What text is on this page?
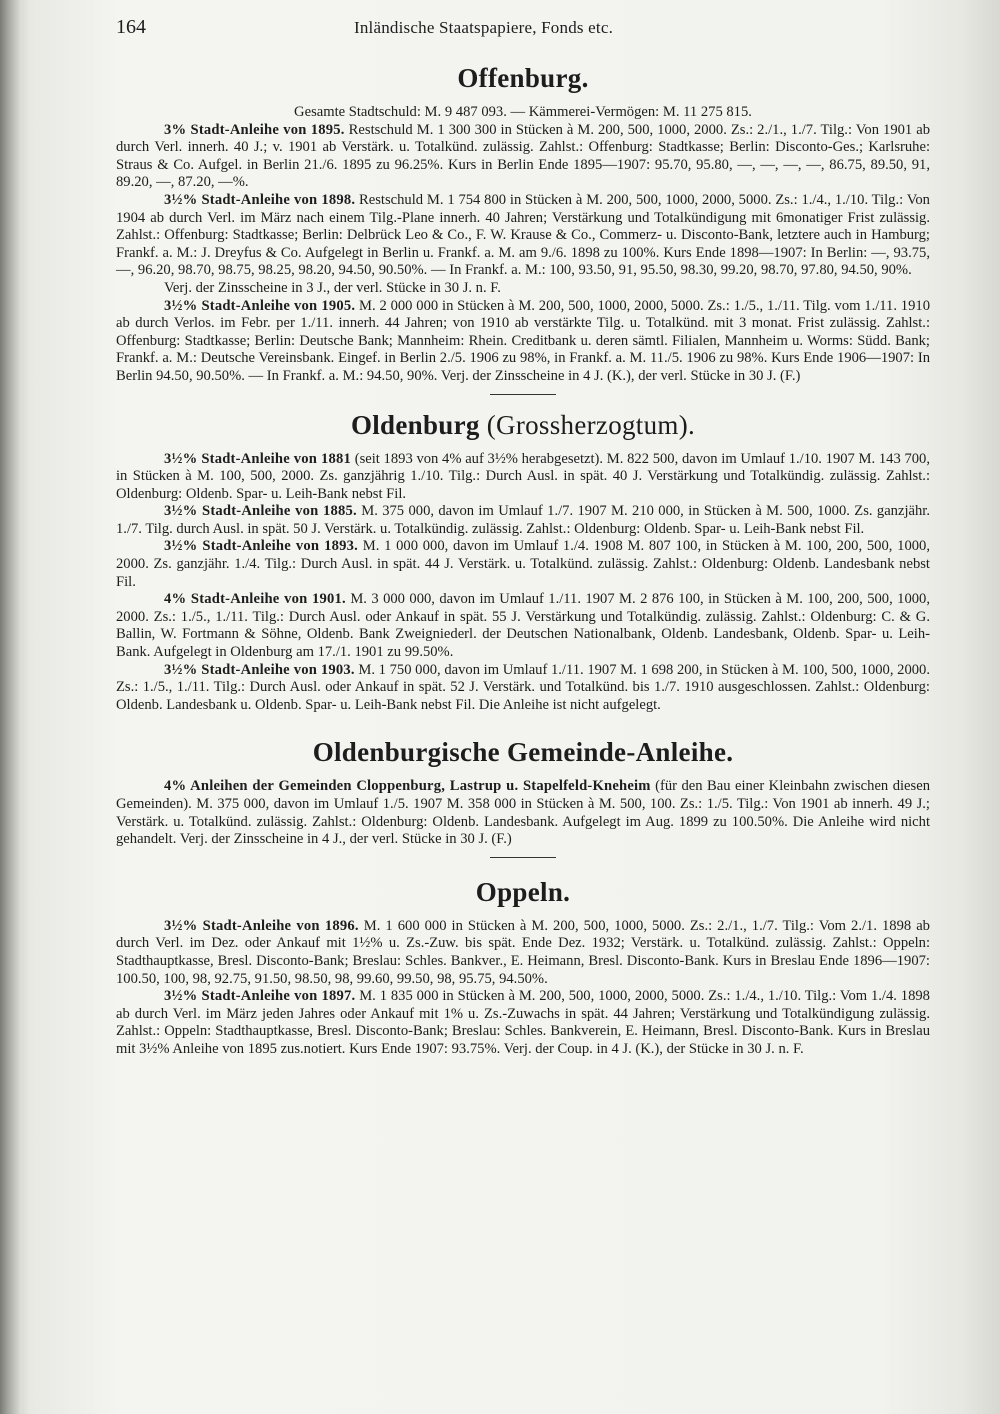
164	Inländische Staatspapiere, Fonds etc.
Offenburg.

Gesamte Stadtschuld: M. 9 487 093. — Kämmerei-Vermögen: M. 11 275 815.

3% Stadt-Anleihe von 1895. Restschuld M. 1 300 300 in Stücken à M. 200, 500, 1000, 2000. Zs.: 2./1., 1./7. Tilg.: Von 1901 ab durch Verl. innerh. 40 J.; v. 1901 ab Verstärk. u. Totalkünd. zulässig. Zahlst.: Offenburg: Stadtkasse; Berlin: Disconto-Ges.; Karlsruhe: Straus & Co. Aufgel. in Berlin 21./6. 1895 zu 96.25%. Kurs in Berlin Ende 1895—1907: 95.70, 95.80, —, —, —, —, 86.75, 89.50, 91, 89.20, —, 87.20, —%.

3½% Stadt-Anleihe von 1898. Restschuld M. 1 754 800 in Stücken à M. 200, 500, 1000, 2000, 5000. Zs.: 1./4., 1./10. Tilg.: Von 1904 ab durch Verl. im März nach einem Tilg.-Plane innerh. 40 Jahren; Verstärkung und Totalkündigung mit 6monatiger Frist zulässig. Zahlst.: Offenburg: Stadtkasse; Berlin: Delbrück Leo & Co., F. W. Krause & Co., Commerz- u. Disconto-Bank, letztere auch in Hamburg; Frankf. a. M.: J. Dreyfus & Co. Aufgelegt in Berlin u. Frankf. a. M. am 9./6. 1898 zu 100%. Kurs Ende 1898—1907: In Berlin: —, 93.75, —, 96.20, 98.70, 98.75, 98.25, 98.20, 94.50, 90.50%. — In Frankf. a. M.: 100, 93.50, 91, 95.50, 98.30, 99.20, 98.70, 97.80, 94.50, 90%.

Verj. der Zinsscheine in 3 J., der verl. Stücke in 30 J. n. F.

3½% Stadt-Anleihe von 1905. M. 2 000 000 in Stücken à M. 200, 500, 1000, 2000, 5000. Zs.: 1./5., 1./11. Tilg. vom 1./11. 1910 ab durch Verlos. im Febr. per 1./11. innerh. 44 Jahren; von 1910 ab verstärkte Tilg. u. Totalkünd. mit 3 monat. Frist zulässig. Zahlst.: Offenburg: Stadtkasse; Berlin: Deutsche Bank; Mannheim: Rhein. Creditbank u. deren sämtl. Filialen, Mannheim u. Worms: Südd. Bank; Frankf. a. M.: Deutsche Vereinsbank. Eingef. in Berlin 2./5. 1906 zu 98%, in Frankf. a. M. 11./5. 1906 zu 98%. Kurs Ende 1906—1907: In Berlin 94.50, 90.50%. — In Frankf. a. M.: 94.50, 90%. Verj. der Zinsscheine in 4 J. (K.), der verl. Stücke in 30 J. (F.)

Oldenburg (Grossherzogtum).

3½% Stadt-Anleihe von 1881 (seit 1893 von 4% auf 3½% herabgesetzt). M. 822 500, davon im Umlauf 1./10. 1907 M. 143 700, in Stücken à M. 100, 500, 2000. Zs. ganzjährig 1./10. Tilg.: Durch Ausl. in spät. 40 J. Verstärkung und Totalkündig. zulässig. Zahlst.: Oldenburg: Oldenb. Spar- u. Leih-Bank nebst Fil.

3½% Stadt-Anleihe von 1885. M. 375 000, davon im Umlauf 1./7. 1907 M. 210 000, in Stücken à M. 500, 1000. Zs. ganzjähr. 1./7. Tilg. durch Ausl. in spät. 50 J. Verstärk. u. Totalkündig. zulässig. Zahlst.: Oldenburg: Oldenb. Spar- u. Leih-Bank nebst Fil.

3½% Stadt-Anleihe von 1893. M. 1 000 000, davon im Umlauf 1./4. 1908 M. 807 100, in Stücken à M. 100, 200, 500, 1000, 2000. Zs. ganzjähr. 1./4. Tilg.: Durch Ausl. in spät. 44 J. Verstärk. u. Totalkünd. zulässig. Zahlst.: Oldenburg: Oldenb. Landesbank nebst Fil.

4% Stadt-Anleihe von 1901. M. 3 000 000, davon im Umlauf 1./11. 1907 M. 2 876 100, in Stücken à M. 100, 200, 500, 1000, 2000. Zs.: 1./5., 1./11. Tilg.: Durch Ausl. oder Ankauf in spät. 55 J. Verstärkung und Totalkündig. zulässig. Zahlst.: Oldenburg: C. & G. Ballin, W. Fortmann & Söhne, Oldenb. Bank Zweigniederl. der Deutschen Nationalbank, Oldenb. Landesbank, Oldenb. Spar- u. Leih-Bank. Aufgelegt in Oldenburg am 17./1. 1901 zu 99.50%.

3½% Stadt-Anleihe von 1903. M. 1 750 000, davon im Umlauf 1./11. 1907 M. 1 698 200, in Stücken à M. 100, 500, 1000, 2000. Zs.: 1./5., 1./11. Tilg.: Durch Ausl. oder Ankauf in spät. 52 J. Verstärk. und Totalkünd. bis 1./7. 1910 ausgeschlossen. Zahlst.: Oldenburg: Oldenb. Landesbank u. Oldenb. Spar- u. Leih-Bank nebst Fil. Die Anleihe ist nicht aufgelegt.

Oldenburgische Gemeinde-Anleihe.

4% Anleihen der Gemeinden Cloppenburg, Lastrup u. Stapelfeld-Kneheim (für den Bau einer Kleinbahn zwischen diesen Gemeinden). M. 375 000, davon im Umlauf 1./5. 1907 M. 358 000 in Stücken à M. 500, 100. Zs.: 1./5. Tilg.: Von 1901 ab innerh. 49 J.; Verstärk. u. Totalkünd. zulässig. Zahlst.: Oldenburg: Oldenb. Landesbank. Aufgelegt im Aug. 1899 zu 100.50%. Die Anleihe wird nicht gehandelt. Verj. der Zinsscheine in 4 J., der verl. Stücke in 30 J. (F.)

Oppeln.

3½% Stadt-Anleihe von 1896. M. 1 600 000 in Stücken à M. 200, 500, 1000, 5000. Zs.: 2./1., 1./7. Tilg.: Vom 2./1. 1898 ab durch Verl. im Dez. oder Ankauf mit 1½% u. Zs.-Zuw. bis spät. Ende Dez. 1932; Verstärk. u. Totalkünd. zulässig. Zahlst.: Oppeln: Stadthauptkasse, Bresl. Disconto-Bank; Breslau: Schles. Bankver., E. Heimann, Bresl. Disconto-Bank. Kurs in Breslau Ende 1896—1907: 100.50, 100, 98, 92.75, 91.50, 98.50, 98, 99.60, 99.50, 98, 95.75, 94.50%.

3½% Stadt-Anleihe von 1897. M. 1 835 000 in Stücken à M. 200, 500, 1000, 2000, 5000. Zs.: 1./4., 1./10. Tilg.: Vom 1./4. 1898 ab durch Verl. im März jeden Jahres oder Ankauf mit 1% u. Zs.-Zuwachs in spät. 44 Jahren; Verstärkung und Totalkündigung zulässig. Zahlst.: Oppeln: Stadthauptkasse, Bresl. Disconto-Bank; Breslau: Schles. Bankverein, E. Heimann, Bresl. Disconto-Bank. Kurs in Breslau mit 3½% Anleihe von 1895 zus.notiert. Kurs Ende 1907: 93.75%. Verj. der Coup. in 4 J. (K.), der Stücke in 30 J. n. F.
